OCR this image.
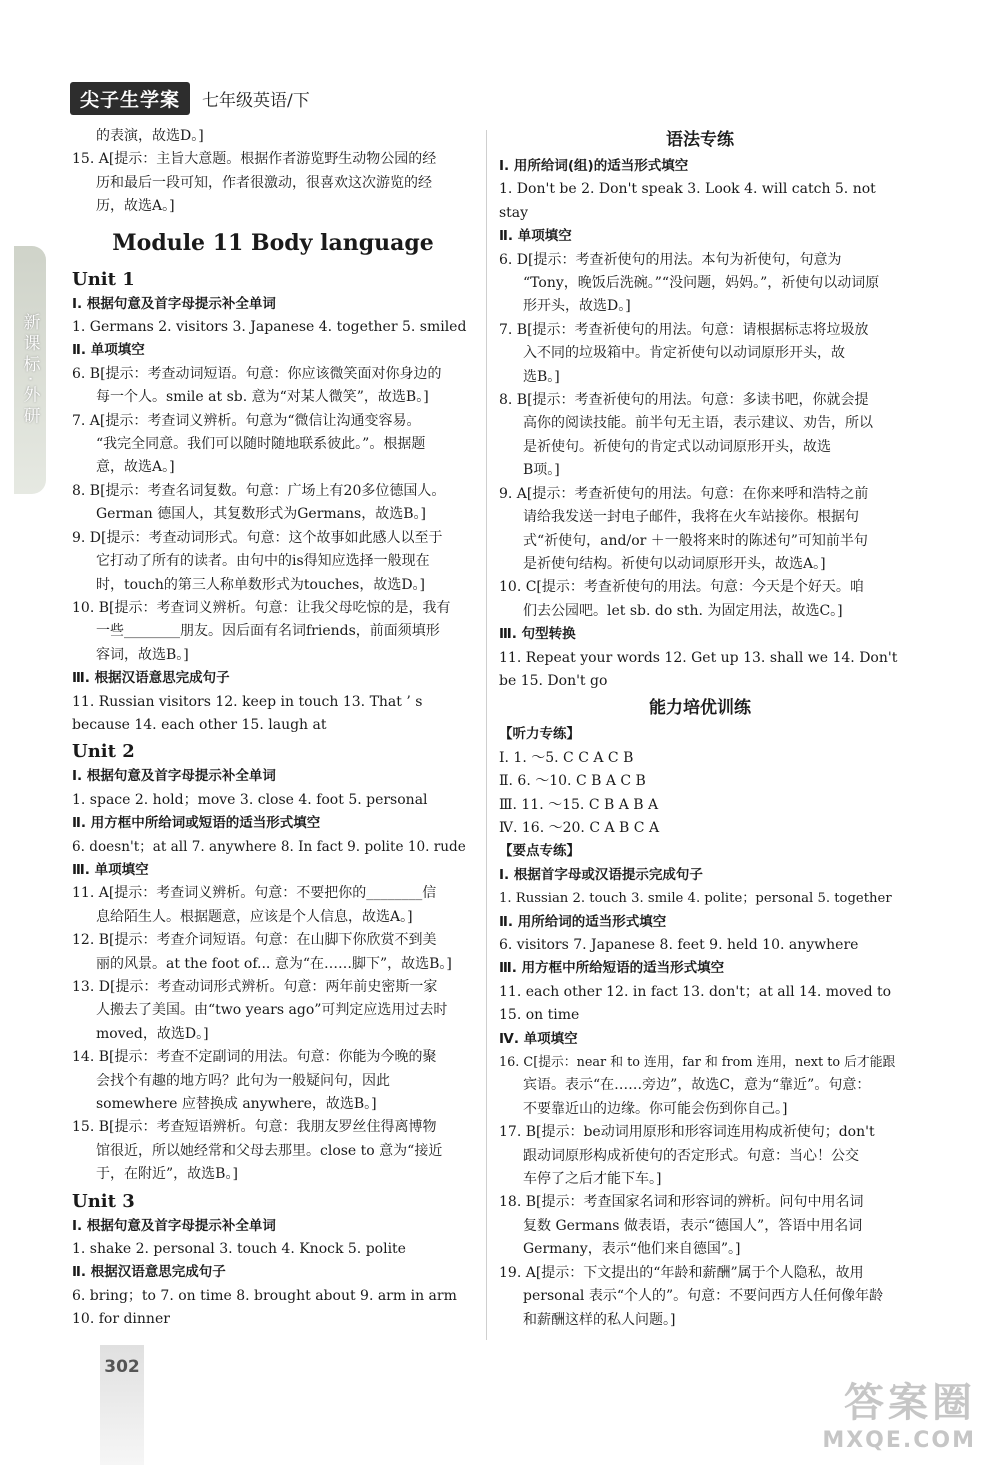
尖子生学案	七年级英语/下
新课标·外研
的表演，故选D。]
15. A[提示：主旨大意题。根据作者游览野生动物公园的经
历和最后一段可知，作者很激动，很喜欢这次游览的经
历，故选A。]
Module 11 Body language
Unit 1
Ⅰ. 根据句意及首字母提示补全单词
1. Germans 2. visitors 3. Japanese 4. together 5. smiled
Ⅱ. 单项填空
6. B[提示：考查动词短语。句意：你应该微笑面对你身边的
每一个人。smile at sb. 意为“对某人微笑”，故选B。]
7. A[提示：考查词义辨析。句意为“微信让沟通变容易。
“我完全同意。我们可以随时随地联系彼此。”。根据题
意，故选A。]
8. B[提示：考查名词复数。句意：广场上有20多位德国人。
German 德国人，其复数形式为Germans，故选B。]
9. D[提示：考查动词形式。句意：这个故事如此感人以至于
它打动了所有的读者。由句中的is得知应选择一般现在
时，touch的第三人称单数形式为touches，故选D。]
10. B[提示：考查词义辨析。句意：让我父母吃惊的是，我有
一些________朋友。因后面有名词friends，前面须填形
容词，故选B。]
Ⅲ. 根据汉语意思完成句子
11. Russian visitors 12. keep in touch 13. That ’ s
because 14. each other 15. laugh at
Unit 2
Ⅰ. 根据句意及首字母提示补全单词
1. space 2. hold；move 3. close 4. foot 5. personal
Ⅱ. 用方框中所给词或短语的适当形式填空
6. doesn't；at all 7. anywhere 8. In fact 9. polite 10. rude
Ⅲ. 单项填空
11. A[提示：考查词义辨析。句意：不要把你的________信
息给陌生人。根据题意，应该是个人信息，故选A。]
12. B[提示：考查介词短语。句意：在山脚下你欣赏不到美
丽的风景。at the foot of... 意为“在……脚下”，故选B。]
13. D[提示：考查动词形式辨析。句意：两年前史密斯一家
人搬去了美国。由“two years ago”可判定应选用过去时
moved，故选D。]
14. B[提示：考查不定副词的用法。句意：你能为今晚的聚
会找个有趣的地方吗？此句为一般疑问句，因此
somewhere 应替换成 anywhere，故选B。]
15. B[提示：考查短语辨析。句意：我朋友罗丝住得离博物
馆很近，所以她经常和父母去那里。close to 意为“接近
于，在附近”，故选B。]
Unit 3
Ⅰ. 根据句意及首字母提示补全单词
1. shake 2. personal 3. touch 4. Knock 5. polite
Ⅱ. 根据汉语意思完成句子
6. bring；to 7. on time 8. brought about 9. arm in arm
10. for dinner
语法专练
Ⅰ. 用所给词(组)的适当形式填空
1. Don't be 2. Don't speak 3. Look 4. will catch 5. not
stay
Ⅱ. 单项填空
6. D[提示：考查祈使句的用法。本句为祈使句，句意为
“Tony，晚饭后洗碗。”“没问题，妈妈。”，祈使句以动词原
形开头，故选D。]
7. B[提示：考查祈使句的用法。句意：请根据标志将垃圾放
入不同的垃圾箱中。肯定祈使句以动词原形开头，故
选B。]
8. B[提示：考查祈使句的用法。句意：多读书吧，你就会提
高你的阅读技能。前半句无主语，表示建议、劝告，所以
是祈使句。祈使句的肯定式以动词原形开头，故选
B项。]
9. A[提示：考查祈使句的用法。句意：在你来呼和浩特之前
请给我发送一封电子邮件，我将在火车站接你。根据句
式“祈使句，and/or ＋一般将来时的陈述句”可知前半句
是祈使句结构。祈使句以动词原形开头，故选A。]
10. C[提示：考查祈使句的用法。句意：今天是个好天。咱
们去公园吧。let sb. do sth. 为固定用法，故选C。]
Ⅲ. 句型转换
11. Repeat your words 12. Get up 13. shall we 14. Don't
be 15. Don't go
能力培优训练
【听力专练】
Ⅰ. 1. ～5. C C A C B
Ⅱ. 6. ～10. C B A C B
Ⅲ. 11. ～15. C B A B A
Ⅳ. 16. ～20. C A B C A
【要点专练】
Ⅰ. 根据首字母或汉语提示完成句子
1. Russian 2. touch 3. smile 4. polite；personal 5. together
Ⅱ. 用所给词的适当形式填空
6. visitors 7. Japanese 8. feet 9. held 10. anywhere
Ⅲ. 用方框中所给短语的适当形式填空
11. each other 12. in fact 13. don't；at all 14. moved to
15. on time
Ⅳ. 单项填空
16. C[提示：near 和 to 连用，far 和 from 连用，next to 后才能跟
宾语。表示“在……旁边”，故选C，意为“靠近”。句意：
不要靠近山的边缘。你可能会伤到你自己。]
17. B[提示：be动词用原形和形容词连用构成祈使句；don't
跟动词原形构成祈使句的否定形式。句意：当心！公交
车停了之后才能下车。]
18. B[提示：考查国家名词和形容词的辨析。问句中用名词
复数 Germans 做表语，表示“德国人”，答语中用名词
Germany，表示“他们来自德国”。]
19. A[提示：下文提出的“年龄和薪酬”属于个人隐私，故用
personal 表示“个人的”。句意：不要问西方人任何像年龄
和薪酬这样的私人问题。]
302
答案圈
MXQE.COM
